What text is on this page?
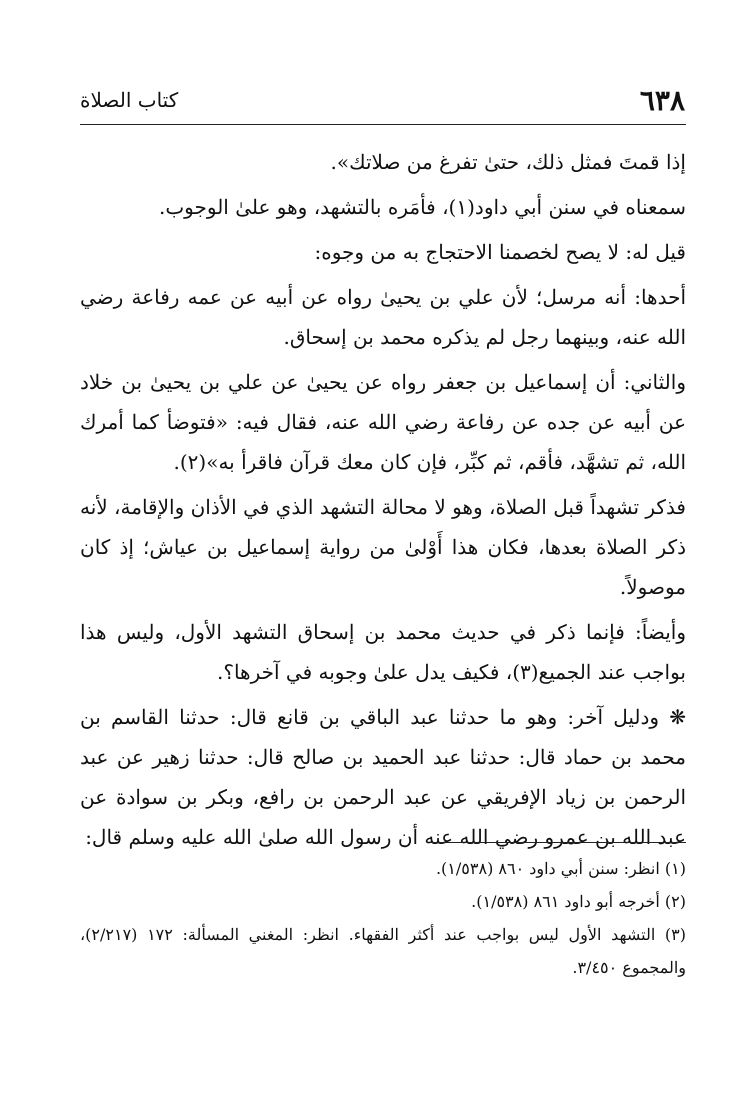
٦٣٨
كتاب الصلاة

إذا قمتَ فمثل ذلك، حتىٰ تفرغ من صلاتك».

سمعناه في سنن أبي داود(١)، فأمَره بالتشهد، وهو علىٰ الوجوب.

قيل له: لا يصح لخصمنا الاحتجاج به من وجوه:

أحدها: أنه مرسل؛ لأن علي بن يحيىٰ رواه عن أبيه عن عمه رفاعة رضي الله عنه، وبينهما رجل لم يذكره محمد بن إسحاق.

والثاني: أن إسماعيل بن جعفر رواه عن يحيىٰ عن علي بن يحيىٰ بن خلاد عن أبيه عن جده عن رفاعة رضي الله عنه، فقال فيه: «فتوضأ كما أمرك الله، ثم تشهَّد، فأقم، ثم كبِّر، فإن كان معك قرآن فاقرأ به»(٢).

فذكر تشهداً قبل الصلاة، وهو لا محالة التشهد الذي في الأذان والإقامة، لأنه ذكر الصلاة بعدها، فكان هذا أَوْلىٰ من رواية إسماعيل بن عياش؛ إذ كان موصولاً.

وأيضاً: فإنما ذكر في حديث محمد بن إسحاق التشهد الأول، وليس هذا بواجب عند الجميع(٣)، فكيف يدل علىٰ وجوبه في آخرها؟.

❋ ودليل آخر: وهو ما حدثنا عبد الباقي بن قانع قال: حدثنا القاسم بن محمد بن حماد قال: حدثنا عبد الحميد بن صالح قال: حدثنا زهير عن عبد الرحمن بن زياد الإفريقي عن عبد الرحمن بن رافع، وبكر بن سوادة عن عبد الله بن عمرو رضي الله عنه أن رسول الله صلىٰ الله عليه وسلم قال:

(١) انظر: سنن أبي داود ٨٦٠ (١/٥٣٨).

(٢) أخرجه أبو داود ٨٦١ (١/٥٣٨).

(٣) التشهد الأول ليس بواجب عند أكثر الفقهاء. انظر: المغني المسألة: ١٧٢ (٢/٢١٧)، والمجموع ٣/٤٥٠.
